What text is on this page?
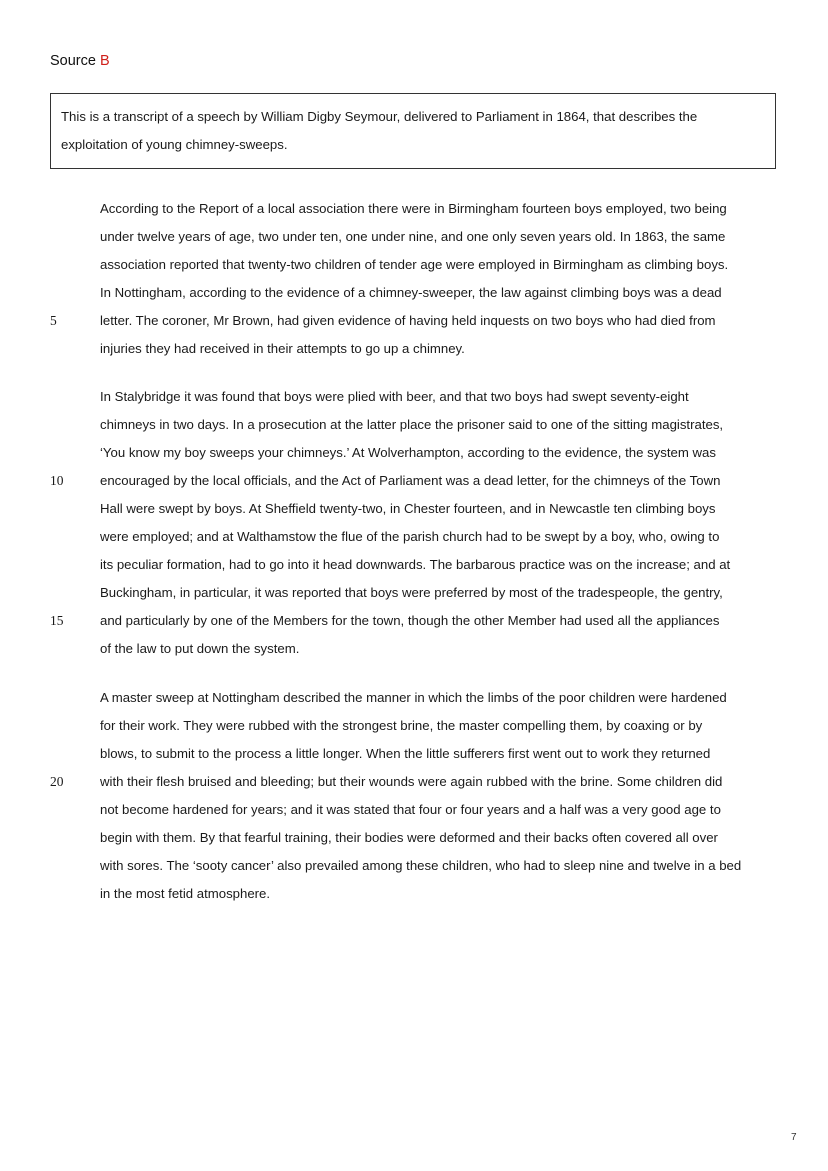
Source B
This is a transcript of a speech by William Digby Seymour, delivered to Parliament in 1864, that describes the
exploitation of young chimney-sweeps.
According to the Report of a local association there were in Birmingham fourteen boys employed, two being
under twelve years of age, two under ten, one under nine, and one only seven years old. In 1863, the same
association reported that twenty-two children of tender age were employed in Birmingham as climbing boys.
In Nottingham, according to the evidence of a chimney-sweeper, the law against climbing boys was a dead
5	letter. The coroner, Mr Brown, had given evidence of having held inquests on two boys who had died from
injuries they had received in their attempts to go up a chimney.
In Stalybridge it was found that boys were plied with beer, and that two boys had swept seventy-eight
chimneys in two days. In a prosecution at the latter place the prisoner said to one of the sitting magistrates,
‘You know my boy sweeps your chimneys.’ At Wolverhampton, according to the evidence, the system was
10	encouraged by the local officials, and the Act of Parliament was a dead letter, for the chimneys of the Town
Hall were swept by boys. At Sheffield twenty-two, in Chester fourteen, and in Newcastle ten climbing boys
were employed; and at Walthamstow the flue of the parish church had to be swept by a boy, who, owing to
its peculiar formation, had to go into it head downwards. The barbarous practice was on the increase; and at
Buckingham, in particular, it was reported that boys were preferred by most of the tradespeople, the gentry,
15	and particularly by one of the Members for the town, though the other Member had used all the appliances
of the law to put down the system.
A master sweep at Nottingham described the manner in which the limbs of the poor children were hardened
for their work. They were rubbed with the strongest brine, the master compelling them, by coaxing or by
blows, to submit to the process a little longer. When the little sufferers first went out to work they returned
20	with their flesh bruised and bleeding; but their wounds were again rubbed with the brine. Some children did
not become hardened for years; and it was stated that four or four years and a half was a very good age to
begin with them. By that fearful training, their bodies were deformed and their backs often covered all over
with sores. The ‘sooty cancer’ also prevailed among these children, who had to sleep nine and twelve in a bed
in the most fetid atmosphere.
7
